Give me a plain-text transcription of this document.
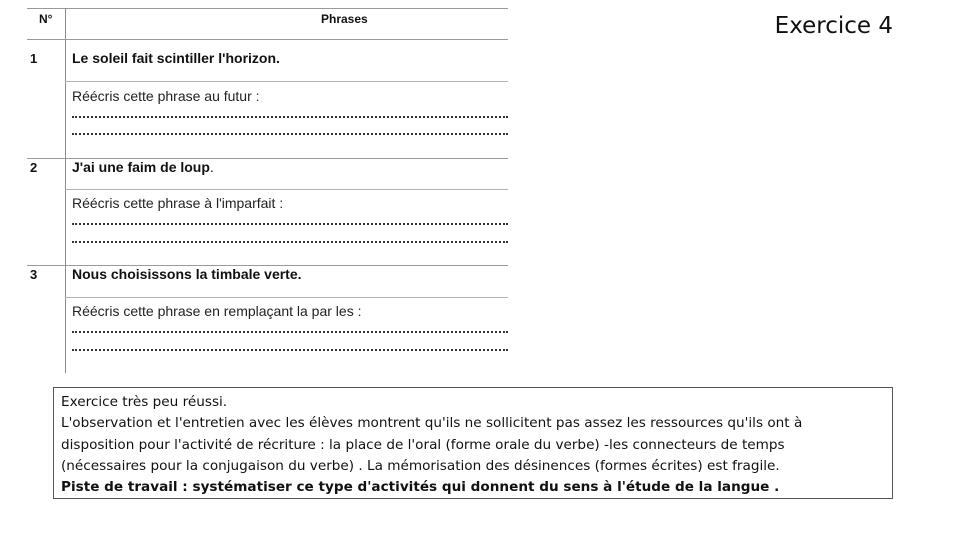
Exercice 4
N°	Phrases
1 Le soleil fait scintiller l'horizon.
Réécris cette phrase au futur :
2 J'ai une faim de loup.
Réécris cette phrase à l'imparfait :
3 Nous choisissons la timbale verte.
Réécris cette phrase en remplaçant la par les :

Exercice très peu réussi.

L'observation et l'entretien avec les élèves montrent qu'ils ne sollicitent pas assez les ressources qu'ils ont à

disposition pour l'activité de récriture : la place de l'oral (forme orale du verbe) -les connecteurs de temps

(nécessaires pour la conjugaison du verbe) . La mémorisation des désinences (formes écrites) est fragile.

Piste de travail : systématiser ce type d'activités qui donnent du sens à l'étude de la langue .
